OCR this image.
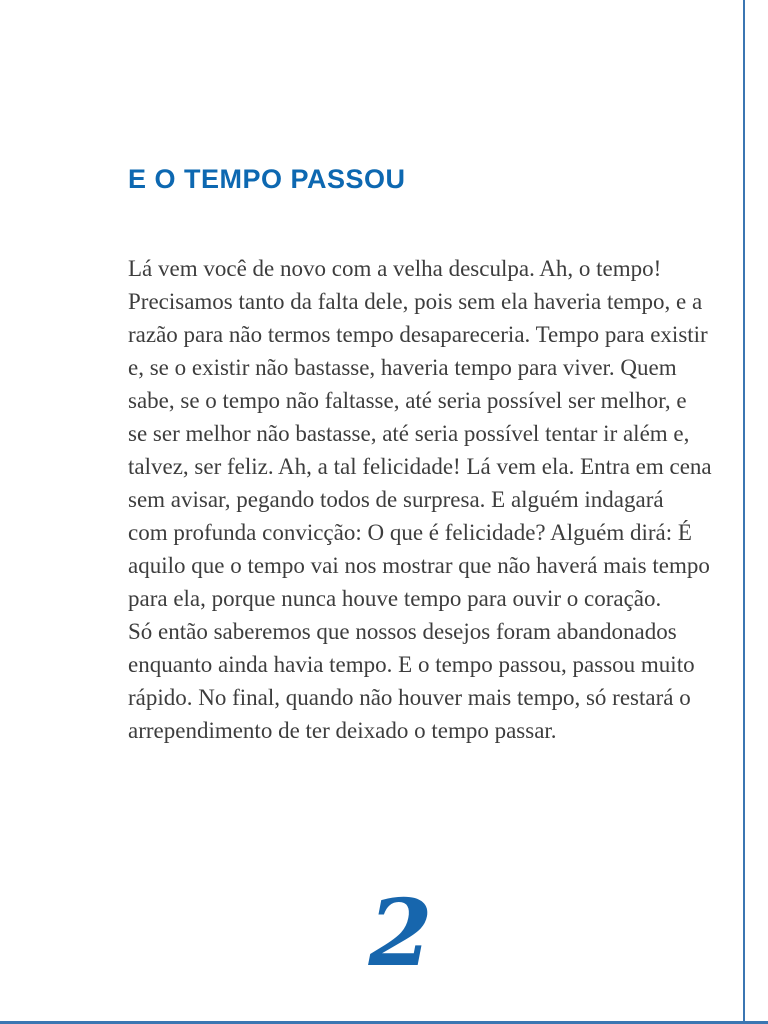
E O TEMPO PASSOU
Lá vem você de novo com a velha desculpa. Ah, o tempo!
Precisamos tanto da falta dele, pois sem ela haveria tempo, e a
razão para não termos tempo desapareceria. Tempo para existir
e, se o existir não bastasse, haveria tempo para viver. Quem
sabe, se o tempo não faltasse, até seria possível ser melhor, e
se ser melhor não bastasse, até seria possível tentar ir além e,
talvez, ser feliz. Ah, a tal felicidade! Lá vem ela. Entra em cena
sem avisar, pegando todos de surpresa. E alguém indagará
com profunda convicção: O que é felicidade? Alguém dirá: É
aquilo que o tempo vai nos mostrar que não haverá mais tempo
para ela, porque nunca houve tempo para ouvir o coração.
Só então saberemos que nossos desejos foram abandonados
enquanto ainda havia tempo. E o tempo passou, passou muito
rápido. No final, quando não houver mais tempo, só restará o
arrependimento de ter deixado o tempo passar.
2
